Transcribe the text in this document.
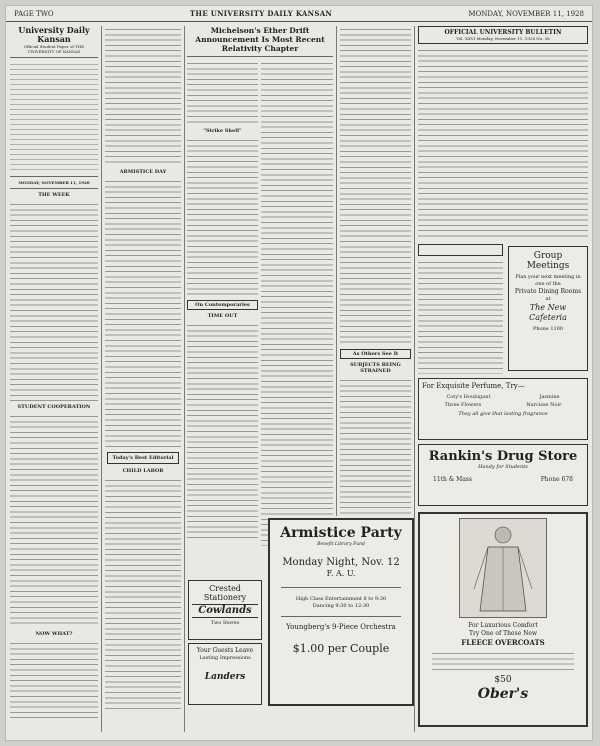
PAGE TWO	THE UNIVERSITY DAILY KANSAN	MONDAY, NOVEMBER 11, 1928
University Daily Kansan
Official Student Paper of THE UNIVERSITY OF KANSAS
MONDAY, NOVEMBER 11, 1928
THE WEEK
STUDENT COOPERATION
NOW WHAT?
ARMISTICE DAY
Today's Best Editorial
CHILD LABOR
Michelson's Ether Drift Announcement Is Most Recent Relativity Chapter
"Strike Shell"
On Contemporaries
TIME OUT
As Others See It
SUBJECTS BEING STRAINED
OFFICIAL UNIVERSITY BULLETIN
Vol. XXVI Monday, November 11, 1928 No. 38
Group
Meetings
Plan your next meeting in one of the
Private Dining Rooms
at
The New Cafeteria
Phone 1100
For Exquisite Perfume, Try—
Coty's Houbigant	Jasmine
Three Flowers	Narcisse Noir
They all give that lasting fragrance
Rankin's Drug Store
Handy for Students
11th & Mass	Phone 678
Crested
Stationery
Cowlands
Two Stores
Your Guests Leave
Lasting Impressions
Landers
Armistice Party
Benefit Library Fund
Monday Night, Nov. 12
F. A. U.
High Class Entertainment 8 to 9:30
Dancing 9:30 to 12:30
Youngberg's 9-Piece Orchestra
$1.00 per Couple
For Luxurious Comfort
Try One of These New
FLEECE OVERCOATS
$50
Ober's
